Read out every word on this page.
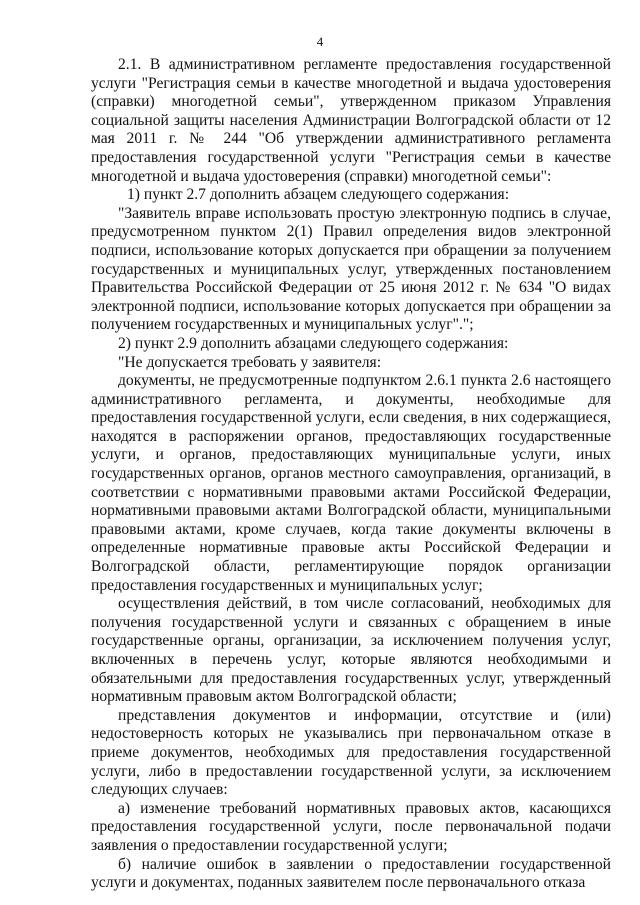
4

2.1. В административном регламенте предоставления государственной услуги "Регистрация семьи в качестве многодетной и выдача удостоверения (справки) многодетной семьи", утвержденном приказом Управления социальной защиты населения Администрации Волгоградской области от 12 мая 2011 г. № 244 "Об утверждении административного регламента предоставления государственной услуги "Регистрация семьи в качестве многодетной и выдача удостоверения (справки) многодетной семьи":

1) пункт 2.7 дополнить абзацем следующего содержания:

"Заявитель вправе использовать простую электронную подпись в случае, предусмотренном пунктом 2(1) Правил определения видов электронной подписи, использование которых допускается при обращении за получением государственных и муниципальных услуг, утвержденных постановлением Правительства Российской Федерации от 25 июня 2012 г. № 634 "О видах электронной подписи, использование которых допускается при обращении за получением государственных и муниципальных услуг".";

2) пункт 2.9 дополнить абзацами следующего содержания:

"Не допускается требовать у заявителя:

документы, не предусмотренные подпунктом 2.6.1 пункта 2.6 настоящего административного регламента, и документы, необходимые для предоставления государственной услуги, если сведения, в них содержащиеся, находятся в распоряжении органов, предоставляющих государственные услуги, и органов, предоставляющих муниципальные услуги, иных государственных органов, органов местного самоуправления, организаций, в соответствии с нормативными правовыми актами Российской Федерации, нормативными правовыми актами Волгоградской области, муниципальными правовыми актами, кроме случаев, когда такие документы включены в определенные нормативные правовые акты Российской Федерации и Волгоградской области, регламентирующие порядок организации предоставления государственных и муниципальных услуг;

осуществления действий, в том числе согласований, необходимых для получения государственной услуги и связанных с обращением в иные государственные органы, организации, за исключением получения услуг, включенных в перечень услуг, которые являются необходимыми и обязательными для предоставления государственных услуг, утвержденный нормативным правовым актом Волгоградской области;

представления документов и информации, отсутствие и (или) недостоверность которых не указывались при первоначальном отказе в приеме документов, необходимых для предоставления государственной услуги, либо в предоставлении государственной услуги, за исключением следующих случаев:

а) изменение требований нормативных правовых актов, касающихся предоставления государственной услуги, после первоначальной подачи заявления о предоставлении государственной услуги;

б) наличие ошибок в заявлении о предоставлении государственной услуги и документах, поданных заявителем после первоначального отказа
